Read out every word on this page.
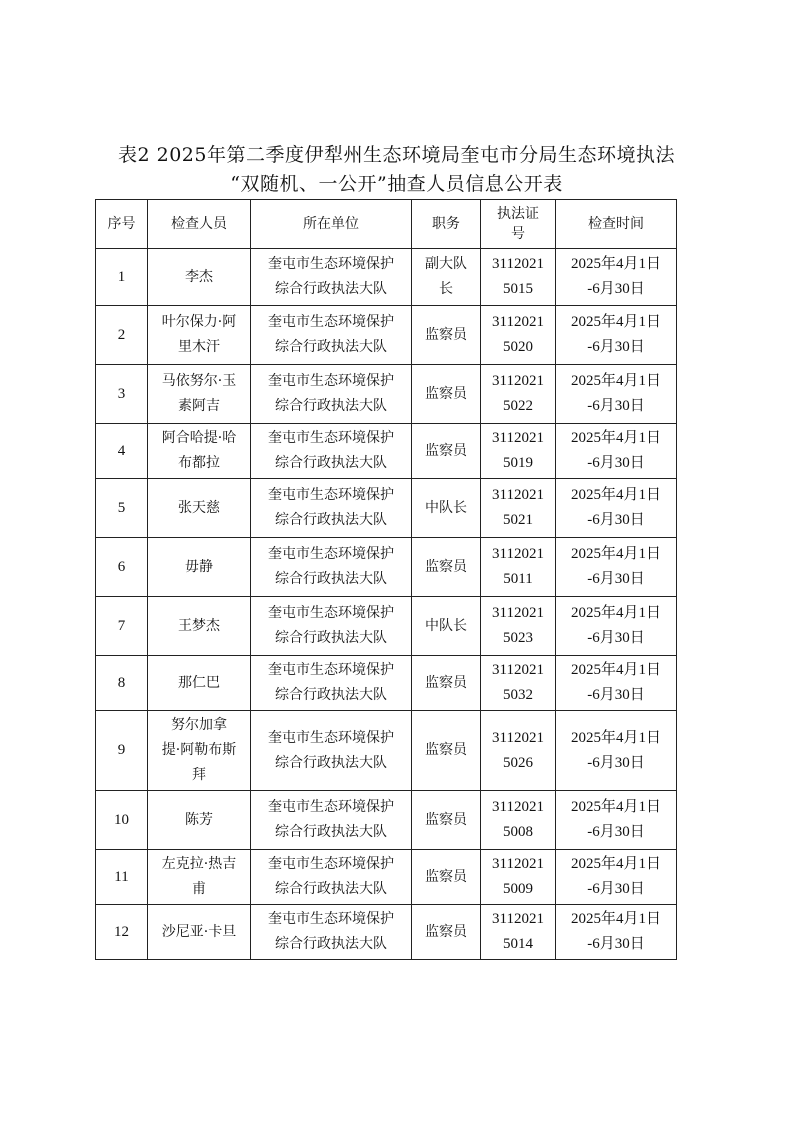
表2 2025年第二季度伊犁州生态环境局奎屯市分局生态环境执法
“双随机、一公开”抽查人员信息公开表
序号	检查人员	所在单位	职务	执法证
号	检查时间
1	李杰	奎屯市生态环境保护
综合行政执法大队	副大队
长	3112021
5015	2025年4月1日
-6月30日

2	叶尔保力·阿
里木汗	奎屯市生态环境保护
综合行政执法大队	监察员	3112021
5020	2025年4月1日
-6月30日

3	马依努尔·玉
素阿吉	奎屯市生态环境保护
综合行政执法大队	监察员	3112021
5022	2025年4月1日
-6月30日

4	阿合哈提·哈
布都拉	奎屯市生态环境保护
综合行政执法大队	监察员	3112021
5019	2025年4月1日
-6月30日

5	张天慈	奎屯市生态环境保护
综合行政执法大队	中队长	3112021
5021	2025年4月1日
-6月30日

6	毋静	奎屯市生态环境保护
综合行政执法大队	监察员	3112021
5011	2025年4月1日
-6月30日

7	王梦杰	奎屯市生态环境保护
综合行政执法大队	中队长	3112021
5023	2025年4月1日
-6月30日

8	那仁巴	奎屯市生态环境保护
综合行政执法大队	监察员	3112021
5032	2025年4月1日
-6月30日

9	努尔加拿
提·阿勒布斯
拜	奎屯市生态环境保护
综合行政执法大队	监察员	3112021
5026	2025年4月1日
-6月30日

10	陈芳	奎屯市生态环境保护
综合行政执法大队	监察员	3112021
5008	2025年4月1日
-6月30日

11	左克拉·热吉
甫	奎屯市生态环境保护
综合行政执法大队	监察员	3112021
5009	2025年4月1日
-6月30日

12	沙尼亚·卡旦	奎屯市生态环境保护
综合行政执法大队	监察员	3112021
5014	2025年4月1日
-6月30日
